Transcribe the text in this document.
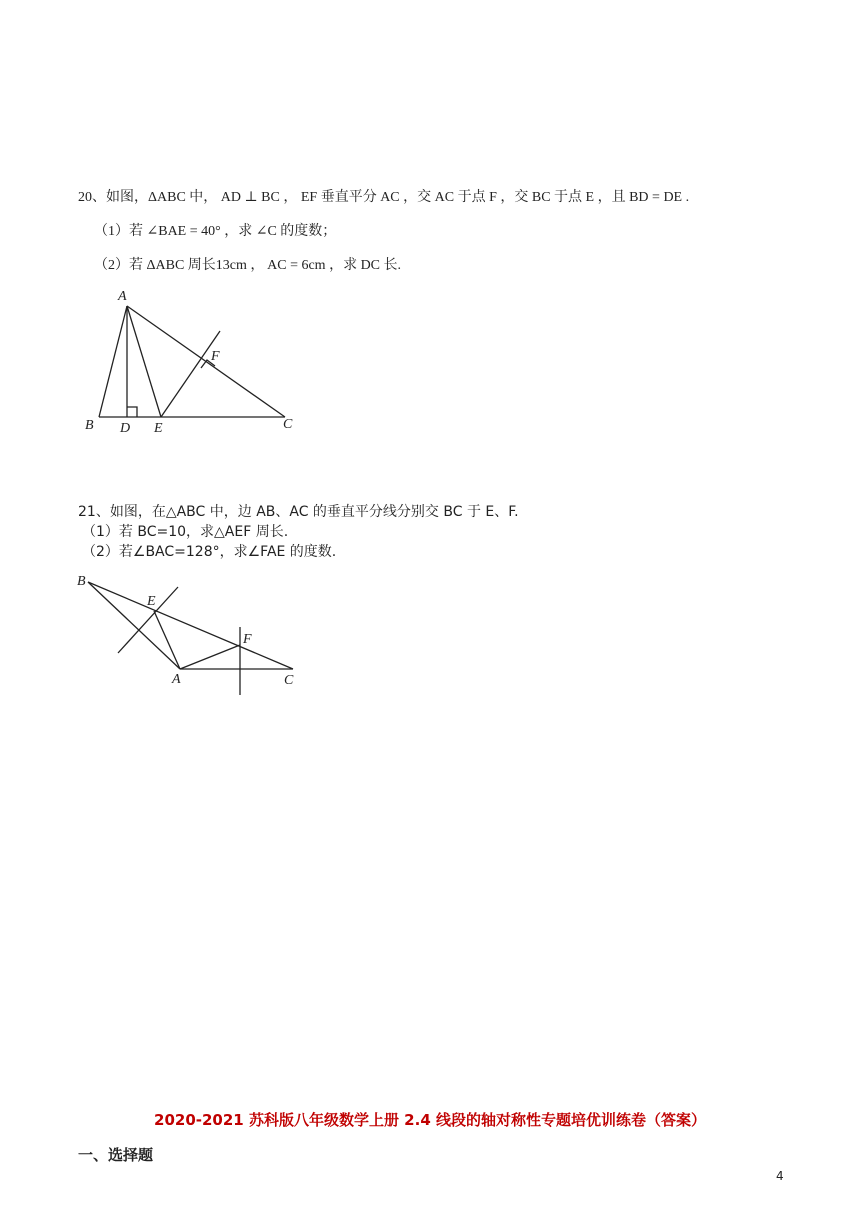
20、如图，ΔABC 中， AD ⊥ BC ， EF 垂直平分 AC ，交 AC 于点 F ，交 BC 于点 E ，且 BD = DE .
（1）若 ∠BAE = 40° ，求 ∠C 的度数；
（2）若 ΔABC 周长13cm ， AC = 6cm ，求 DC 长.
A
B D E	C
F
21、如图，在△ABC 中，边 AB、AC 的垂直平分线分别交 BC 于 E、F.
（1）若 BC=10，求△AEF 周长.
（2）若∠BAC=128°，求∠FAE 的度数.
B
E
F
A	C
2020-2021 苏科版八年级数学上册 2.4 线段的轴对称性专题培优训练卷（答案）
一、选择题
4
